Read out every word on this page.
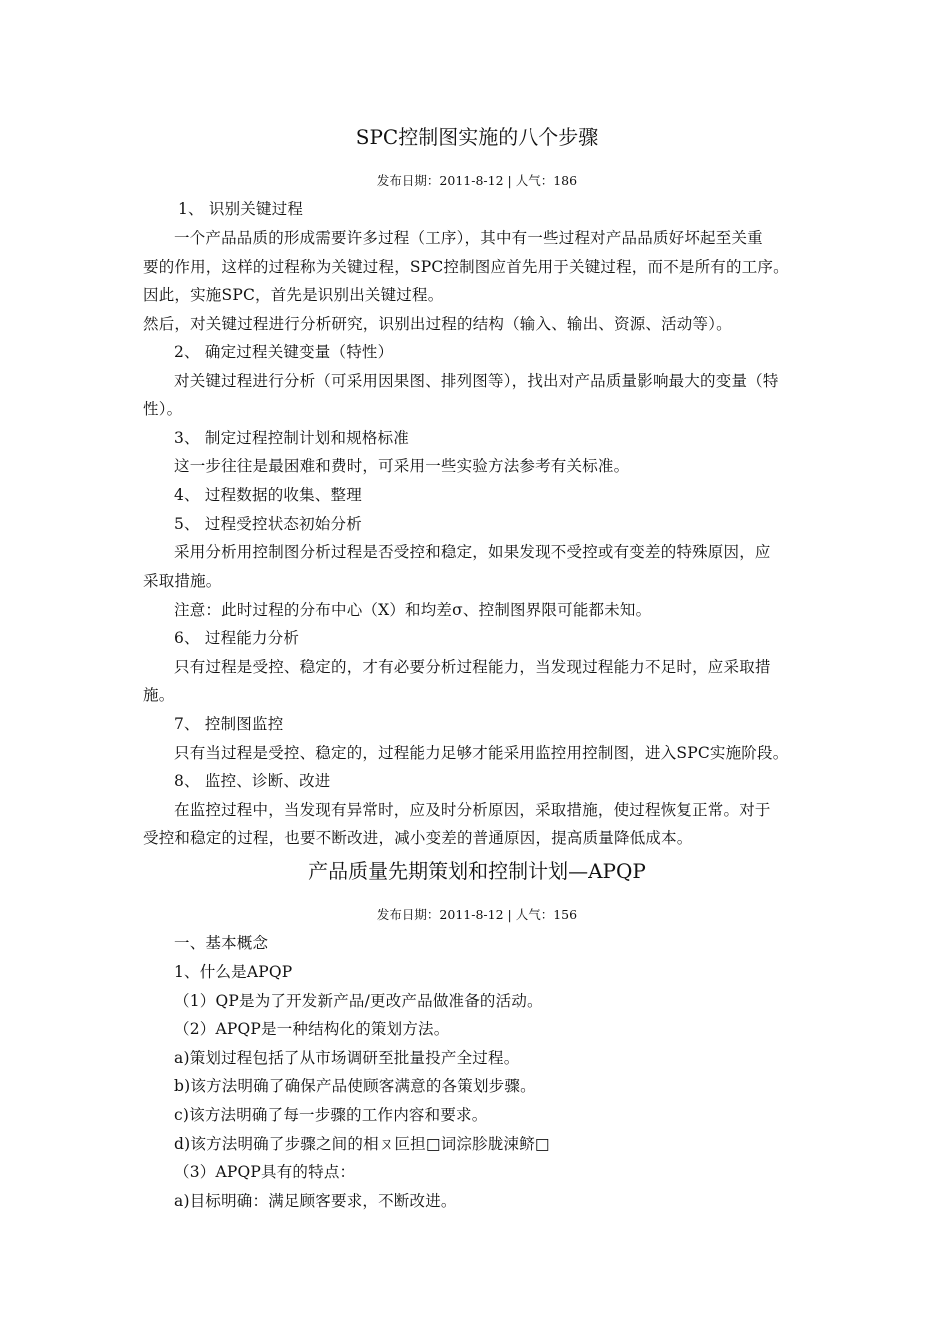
SPC控制图实施的八个步骤
发布日期：2011-8-12 | 人气：186
1、 识别关键过程
一个产品品质的形成需要许多过程（工序），其中有一些过程对产品品质好坏起至关重
要的作用，这样的过程称为关键过程，SPC控制图应首先用于关键过程，而不是所有的工序。
因此，实施SPC，首先是识别出关键过程。
然后，对关键过程进行分析研究，识别出过程的结构（输入、输出、资源、活动等）。
2、 确定过程关键变量（特性）
对关键过程进行分析（可采用因果图、排列图等），找出对产品质量影响最大的变量（特
性）。
3、 制定过程控制计划和规格标准
这一步往往是最困难和费时，可采用一些实验方法参考有关标准。
4、 过程数据的收集、整理
5、 过程受控状态初始分析
采用分析用控制图分析过程是否受控和稳定，如果发现不受控或有变差的特殊原因，应
采取措施。
注意：此时过程的分布中心（X）和均差σ、控制图界限可能都未知。
6、 过程能力分析
只有过程是受控、稳定的，才有必要分析过程能力，当发现过程能力不足时，应采取措
施。
7、 控制图监控
只有当过程是受控、稳定的，过程能力足够才能采用监控用控制图，进入SPC实施阶段。
8、 监控、诊断、改进
在监控过程中，当发现有异常时，应及时分析原因，采取措施，使过程恢复正常。对于
受控和稳定的过程，也要不断改进，减小变差的普通原因，提高质量降低成本。
产品质量先期策划和控制计划—APQP
发布日期：2011-8-12 | 人气：156
一、基本概念
1、什么是APQP
（1）QP是为了开发新产品/更改产品做准备的活动。
（2）APQP是一种结构化的策划方法。
a)策划过程包括了从市场调研至批量投产全过程。
b)该方法明确了确保产品使顾客满意的各策划步骤。
c)该方法明确了每一步骤的工作内容和要求。
d)该方法明确了步骤之间的相ㄡ叵担□词淙胗胧涑鲚□
（3）APQP具有的特点：
a)目标明确：满足顾客要求，不断改进。
